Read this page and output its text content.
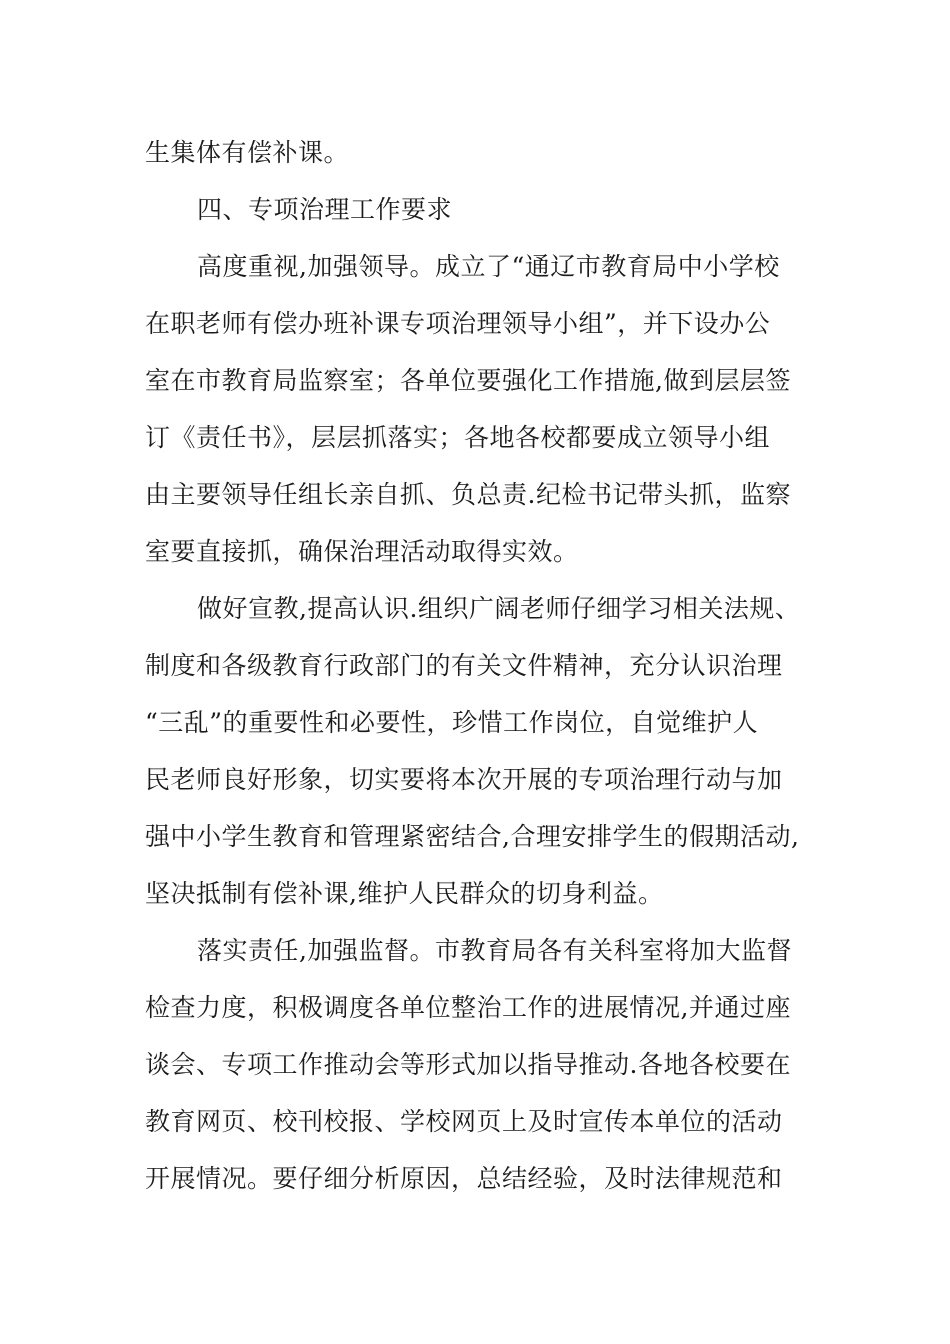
生集体有偿补课。
四、专项治理工作要求
高度重视,加强领导。成立了“通辽市教育局中小学校
在职老师有偿办班补课专项治理领导小组”，并下设办公
室在市教育局监察室；各单位要强化工作措施,做到层层签
订《责任书》，层层抓落实；各地各校都要成立领导小组
由主要领导任组长亲自抓、负总责.纪检书记带头抓，监察
室要直接抓，确保治理活动取得实效。
做好宣教,提高认识.组织广阔老师仔细学习相关法规、
制度和各级教育行政部门的有关文件精神，充分认识治理
“三乱”的重要性和必要性，珍惜工作岗位，自觉维护人
民老师良好形象，切实要将本次开展的专项治理行动与加
强中小学生教育和管理紧密结合,合理安排学生的假期活动,
坚决抵制有偿补课,维护人民群众的切身利益。
落实责任,加强监督。市教育局各有关科室将加大监督
检查力度，积极调度各单位整治工作的进展情况,并通过座
谈会、专项工作推动会等形式加以指导推动.各地各校要在
教育网页、校刊校报、学校网页上及时宣传本单位的活动
开展情况。要仔细分析原因，总结经验，及时法律规范和
